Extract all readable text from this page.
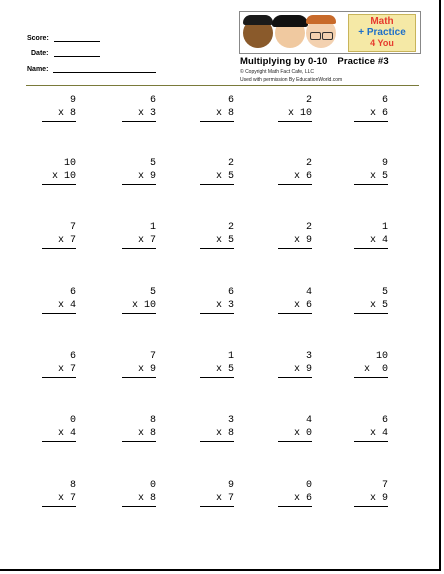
Score:
Date:
Name:
Math
+ Practice
4 You
Multiplying by 0-10 Practice #3
© Copyright Math Fact Cafe, LLC
Used with permission By EducationWorld.com
9
x 8
6
x 3
6
x 8
2
x 10
6
x 6
10
x 10
5
x 9
2
x 5
2
x 6
9
x 5
7
x 7
1
x 7
2
x 5
2
x 9
1
x 4
6
x 4
5
x 10
6
x 3
4
x 6
5
x 5
6
x 7
7
x 9
1
x 5
3
x 9
10
x  0
0
x 4
8
x 8
3
x 8
4
x 0
6
x 4
8
x 7
0
x 8
9
x 7
0
x 6
7
x 9
